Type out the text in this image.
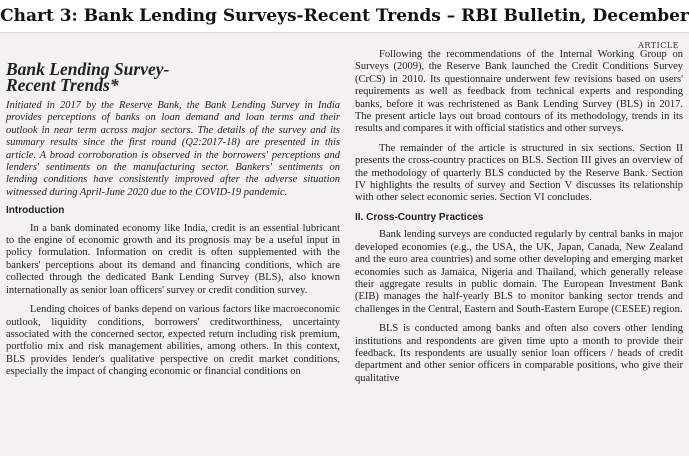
Chart 3: Bank Lending Surveys-Recent Trends – RBI Bulletin, December
ARTICLE
Bank Lending Survey-
Recent Trends*
Initiated in 2017 by the Reserve Bank, the Bank Lending Survey in India provides perceptions of banks on loan demand and loan terms and their outlook in near term across major sectors. The details of the survey and its summary results since the first round (Q2:2017-18) are presented in this article. A broad corroboration is observed in the borrowers' perceptions and lenders' sentiments on the manufacturing sector. Bankers' sentiments on lending conditions have consistently improved after the adverse situation witnessed during April-June 2020 due to the COVID-19 pandemic.
Introduction

In a bank dominated economy like India, credit is an essential lubricant to the engine of economic growth and its prognosis may be a useful input in policy formulation. Information on credit is often supplemented with the bankers' perceptions about its demand and financing conditions, which are collected through the dedicated Bank Lending Survey (BLS), also known internationally as senior loan officers' survey or credit condition survey.

Lending choices of banks depend on various factors like macroeconomic outlook, liquidity conditions, borrowers' creditworthiness, uncertainty associated with the concerned sector, expected return including risk premium, portfolio mix and risk management abilities, among others. In this context, BLS provides lender's qualitative perspective on credit market conditions, especially the impact of changing economic or financial conditions on

Following the recommendations of the Internal Working Group on Surveys (2009), the Reserve Bank launched the Credit Conditions Survey (CrCS) in 2010. Its questionnaire underwent few revisions based on users' requirements as well as feedback from technical experts and responding banks, before it was rechristened as Bank Lending Survey (BLS) in 2017. The present article lays out broad contours of its methodology, trends in its results and compares it with official statistics and other surveys.

The remainder of the article is structured in six sections. Section II presents the cross-country practices on BLS. Section III gives an overview of the methodology of quarterly BLS conducted by the Reserve Bank. Section IV highlights the results of survey and Section V discusses its relationship with other select economic series. Section VI concludes.

II. Cross-Country Practices

Bank lending surveys are conducted regularly by central banks in major developed economies (e.g., the USA, the UK, Japan, Canada, New Zealand and the euro area countries) and some other developing and emerging market economies such as Jamaica, Nigeria and Thailand, which generally release their aggregate results in public domain. The European Investment Bank (EIB) manages the half-yearly BLS to monitor banking sector trends and challenges in the Central, Eastern and South-Eastern Europe (CESEE) region.

BLS is conducted among banks and often also covers other lending institutions and respondents are given time upto a month to provide their feedback. Its respondents are usually senior loan officers / heads of credit department and other senior officers in comparable positions, who give their qualitative
